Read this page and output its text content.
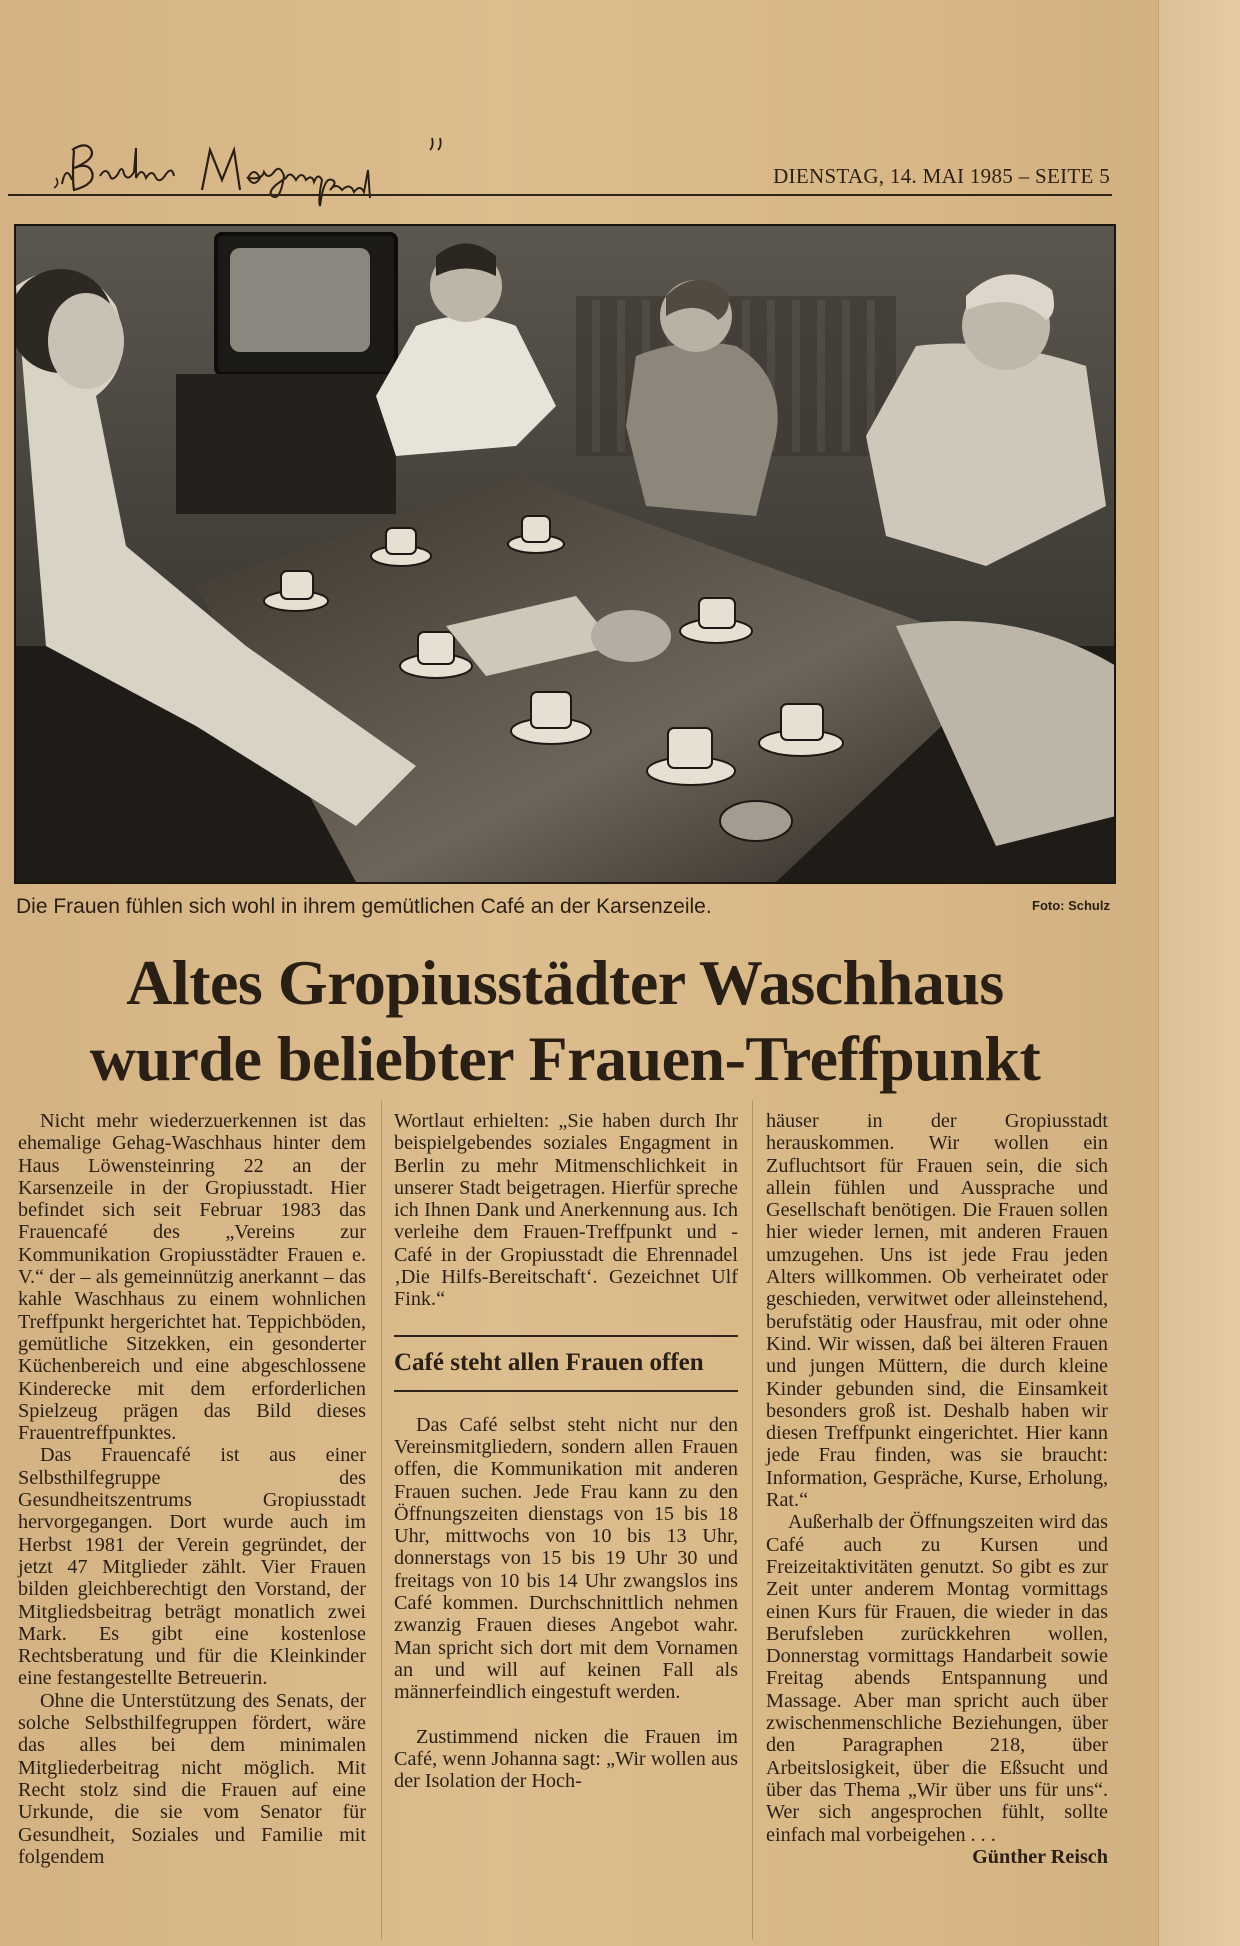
DIENSTAG, 14. MAI 1985 – SEITE 5
Die Frauen fühlen sich wohl in ihrem gemütlichen Café an der Karsenzeile.	Foto: Schulz
Altes Gropiusstädter Waschhaus
wurde beliebter Frauen-Treffpunkt

Nicht mehr wiederzuerkennen ist das ehemalige Gehag-Waschhaus hinter dem Haus Löwensteinring 22 an der Karsenzeile in der Gropiusstadt. Hier befindet sich seit Februar 1983 das Frauencafé des „Vereins zur Kommunikation Gropiusstädter Frauen e. V.“ der – als gemeinnützig anerkannt – das kahle Waschhaus zu einem wohnlichen Treffpunkt hergerichtet hat. Teppichböden, gemütliche Sitzekken, ein gesonderter Küchenbereich und eine abgeschlossene Kinderecke mit dem erforderlichen Spielzeug prägen das Bild dieses Frauentreffpunktes.

Das Frauencafé ist aus einer Selbsthilfegruppe des Gesundheitszentrums Gropiusstadt hervorgegangen. Dort wurde auch im Herbst 1981 der Verein gegründet, der jetzt 47 Mitglieder zählt. Vier Frauen bilden gleichberechtigt den Vorstand, der Mitgliedsbeitrag beträgt monatlich zwei Mark. Es gibt eine kostenlose Rechtsberatung und für die Kleinkinder eine festangestellte Betreuerin.

Ohne die Unterstützung des Senats, der solche Selbsthilfegruppen fördert, wäre das alles bei dem minimalen Mitgliederbeitrag nicht möglich. Mit Recht stolz sind die Frauen auf eine Urkunde, die sie vom Senator für Gesundheit, Soziales und Familie mit folgendem

Wortlaut erhielten: „Sie haben durch Ihr beispielgebendes soziales Engagment in Berlin zu mehr Mitmenschlichkeit in unserer Stadt beigetragen. Hierfür spreche ich Ihnen Dank und Anerkennung aus. Ich verleihe dem Frauen-Treffpunkt und -Café in der Gropiusstadt die Ehrennadel ‚Die Hilfs-Bereitschaft‘. Gezeichnet Ulf Fink.“

Café steht allen Frauen offen

Das Café selbst steht nicht nur den Vereinsmitgliedern, sondern allen Frauen offen, die Kommunikation mit anderen Frauen suchen. Jede Frau kann zu den Öffnungszeiten dienstags von 15 bis 18 Uhr, mittwochs von 10 bis 13 Uhr, donnerstags von 15 bis 19 Uhr 30 und freitags von 10 bis 14 Uhr zwangslos ins Café kommen. Durchschnittlich nehmen zwanzig Frauen dieses Angebot wahr. Man spricht sich dort mit dem Vornamen an und will auf keinen Fall als männerfeindlich eingestuft werden.

Zustimmend nicken die Frauen im Café, wenn Johanna sagt: „Wir wollen aus der Isolation der Hoch-

häuser in der Gropiusstadt herauskommen. Wir wollen ein Zufluchtsort für Frauen sein, die sich allein fühlen und Aussprache und Gesellschaft benötigen. Die Frauen sollen hier wieder lernen, mit anderen Frauen umzugehen. Uns ist jede Frau jeden Alters willkommen. Ob verheiratet oder geschieden, verwitwet oder alleinstehend, berufstätig oder Hausfrau, mit oder ohne Kind. Wir wissen, daß bei älteren Frauen und jungen Müttern, die durch kleine Kinder gebunden sind, die Einsamkeit besonders groß ist. Deshalb haben wir diesen Treffpunkt eingerichtet. Hier kann jede Frau finden, was sie braucht: Information, Gespräche, Kurse, Erholung, Rat.“

Außerhalb der Öffnungszeiten wird das Café auch zu Kursen und Freizeitaktivitäten genutzt. So gibt es zur Zeit unter anderem Montag vormittags einen Kurs für Frauen, die wieder in das Berufsleben zurückkehren wollen, Donnerstag vormittags Handarbeit sowie Freitag abends Entspannung und Massage. Aber man spricht auch über zwischenmenschliche Beziehungen, über den Paragraphen 218, über Arbeitslosigkeit, über die Eßsucht und über das Thema „Wir über uns für uns“. Wer sich angesprochen fühlt, sollte einfach mal vorbeigehen . . .

Günther Reisch
